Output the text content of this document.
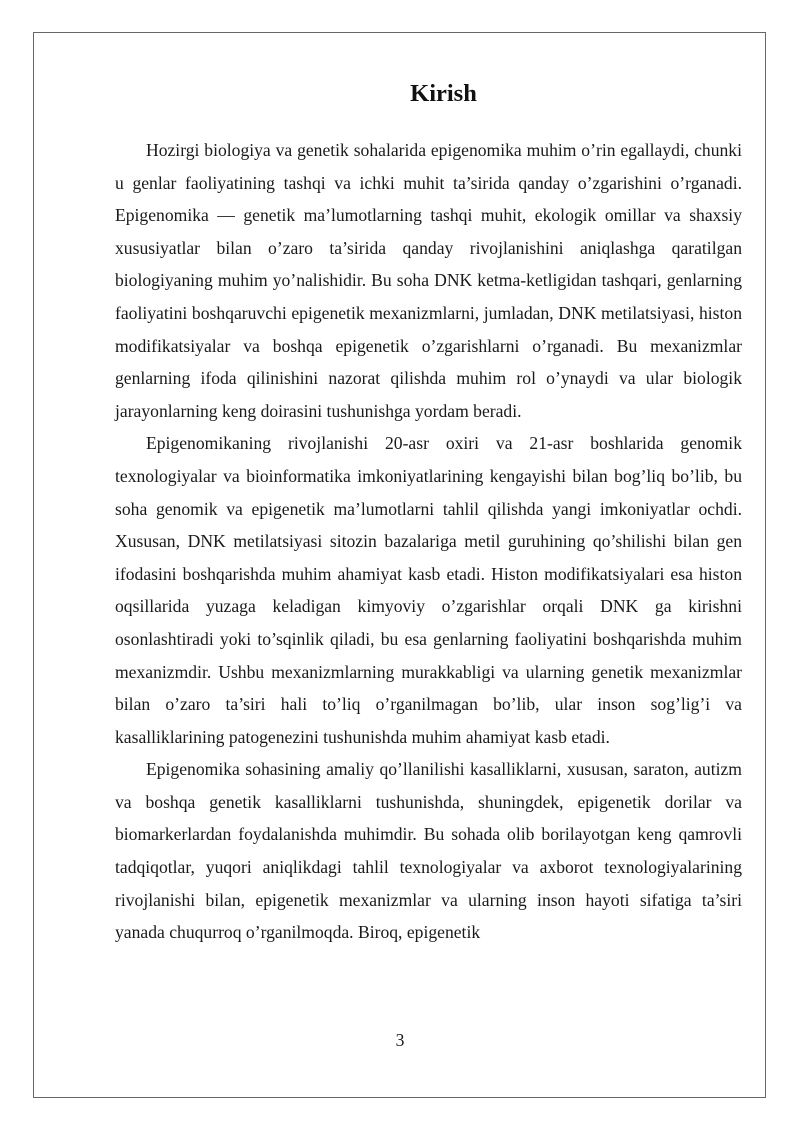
Kirish

Hozirgi biologiya va genetik sohalarida epigenomika muhim o’rin egallaydi, chunki u genlar faoliyatining tashqi va ichki muhit ta’sirida qanday o’zgarishini o’rganadi. Epigenomika — genetik ma’lumotlarning tashqi muhit, ekologik omillar va shaxsiy xususiyatlar bilan o’zaro ta’sirida qanday rivojlanishini aniqlashga qaratilgan biologiyaning muhim yo’nalishidir. Bu soha DNK ketma-ketligidan tashqari, genlarning faoliyatini boshqaruvchi epigenetik mexanizmlarni, jumladan, DNK metilatsiyasi, histon modifikatsiyalar va boshqa epigenetik o’zgarishlarni o’rganadi. Bu mexanizmlar genlarning ifoda qilinishini nazorat qilishda muhim rol o’ynaydi va ular biologik jarayonlarning keng doirasini tushunishga yordam beradi.

Epigenomikaning rivojlanishi 20-asr oxiri va 21-asr boshlarida genomik texnologiyalar va bioinformatika imkoniyatlarining kengayishi bilan bog’liq bo’lib, bu soha genomik va epigenetik ma’lumotlarni tahlil qilishda yangi imkoniyatlar ochdi. Xususan, DNK metilatsiyasi sitozin bazalariga metil guruhining qo’shilishi bilan gen ifodasini boshqarishda muhim ahamiyat kasb etadi. Histon modifikatsiyalari esa histon oqsillarida yuzaga keladigan kimyoviy o’zgarishlar orqali DNK ga kirishni osonlashtiradi yoki to’sqinlik qiladi, bu esa genlarning faoliyatini boshqarishda muhim mexanizmdir. Ushbu mexanizmlarning murakkabligi va ularning genetik mexanizmlar bilan o’zaro ta’siri hali to’liq o’rganilmagan bo’lib, ular inson sog’lig’i va kasalliklarining patogenezini tushunishda muhim ahamiyat kasb etadi.

Epigenomika sohasining amaliy qo’llanilishi kasalliklarni, xususan, saraton, autizm va boshqa genetik kasalliklarni tushunishda, shuningdek, epigenetik dorilar va biomarkerlardan foydalanishda muhimdir. Bu sohada olib borilayotgan keng qamrovli tadqiqotlar, yuqori aniqlikdagi tahlil texnologiyalar va axborot texnologiyalarining rivojlanishi bilan, epigenetik mexanizmlar va ularning inson hayoti sifatiga ta’siri yanada chuqurroq o’rganilmoqda. Biroq, epigenetik

3
